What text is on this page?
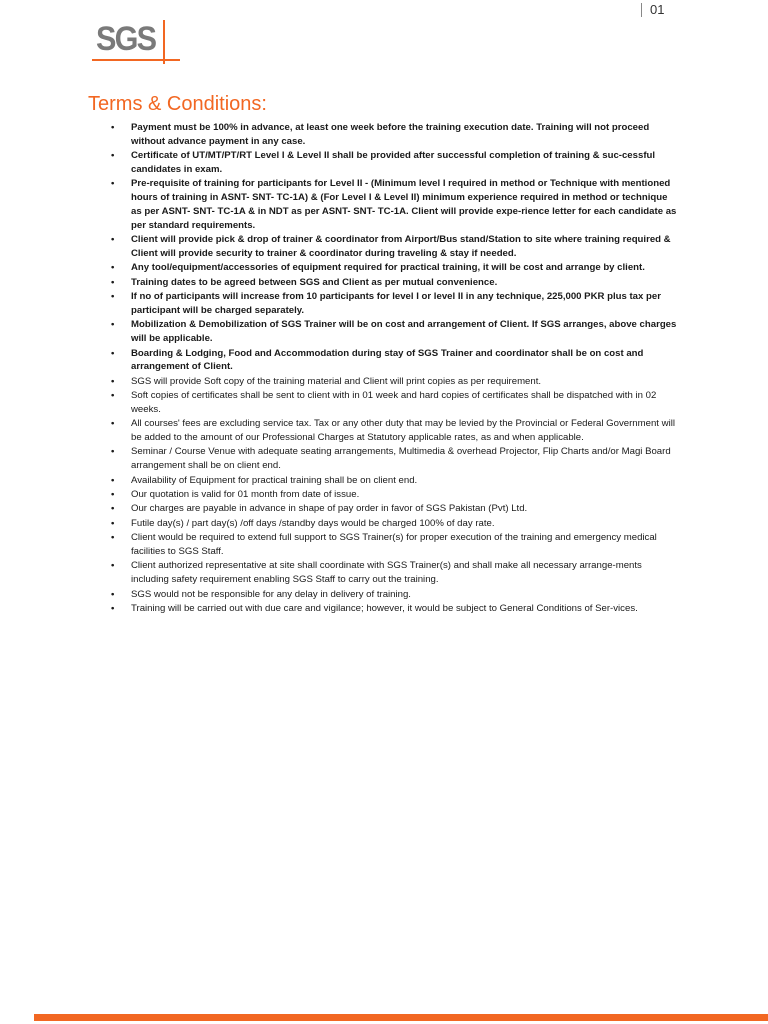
SGS
01
Terms & Conditions:
• Payment must be 100% in advance, at least one week before the training execution date. Training will not proceed without advance payment in any case.
• Certificate of UT/MT/PT/RT Level I & Level II shall be provided after successful completion of training & suc-cessful candidates in exam.
• Pre-requisite of training for participants for Level II - (Minimum level I required in method or Technique with mentioned hours of training in ASNT- SNT- TC-1A) & (For Level I & Level II) minimum experience required in method or technique as per ASNT- SNT- TC-1A & in NDT as per ASNT- SNT- TC-1A. Client will provide expe-rience letter for each candidate as per standard requirements.
• Client will provide pick & drop of trainer & coordinator from Airport/Bus stand/Station to site where training required & Client will provide security to trainer & coordinator during traveling & stay if needed.
• Any tool/equipment/accessories of equipment required for practical training, it will be cost and arrange by client.
• Training dates to be agreed between SGS and Client as per mutual convenience.
• If no of participants will increase from 10 participants for level I or level II in any technique, 225,000 PKR plus tax per participant will be charged separately.
• Mobilization & Demobilization of SGS Trainer will be on cost and arrangement of Client. If SGS arranges, above charges will be applicable.
• Boarding & Lodging, Food and Accommodation during stay of SGS Trainer and coordinator shall be on cost and arrangement of Client.
• SGS will provide Soft copy of the training material and Client will print copies as per requirement.
• Soft copies of certificates shall be sent to client with in 01 week and hard copies of certificates shall be dispatched with in 02 weeks.
• All courses' fees are excluding service tax. Tax or any other duty that may be levied by the Provincial or Federal Government will be added to the amount of our Professional Charges at Statutory applicable rates, as and when applicable.
• Seminar / Course Venue with adequate seating arrangements, Multimedia & overhead Projector, Flip Charts and/or Magi Board arrangement shall be on client end.
• Availability of Equipment for practical training shall be on client end.
• Our quotation is valid for 01 month from date of issue.
• Our charges are payable in advance in shape of pay order in favor of SGS Pakistan (Pvt) Ltd.
• Futile day(s) / part day(s) /off days /standby days would be charged 100% of day rate.
• Client would be required to extend full support to SGS Trainer(s) for proper execution of the training and emergency medical facilities to SGS Staff.
• Client authorized representative at site shall coordinate with SGS Trainer(s) and shall make all necessary arrange-ments including safety requirement enabling SGS Staff to carry out the training.
• SGS would not be responsible for any delay in delivery of training.
• Training will be carried out with due care and vigilance; however, it would be subject to General Conditions of Ser-vices.
